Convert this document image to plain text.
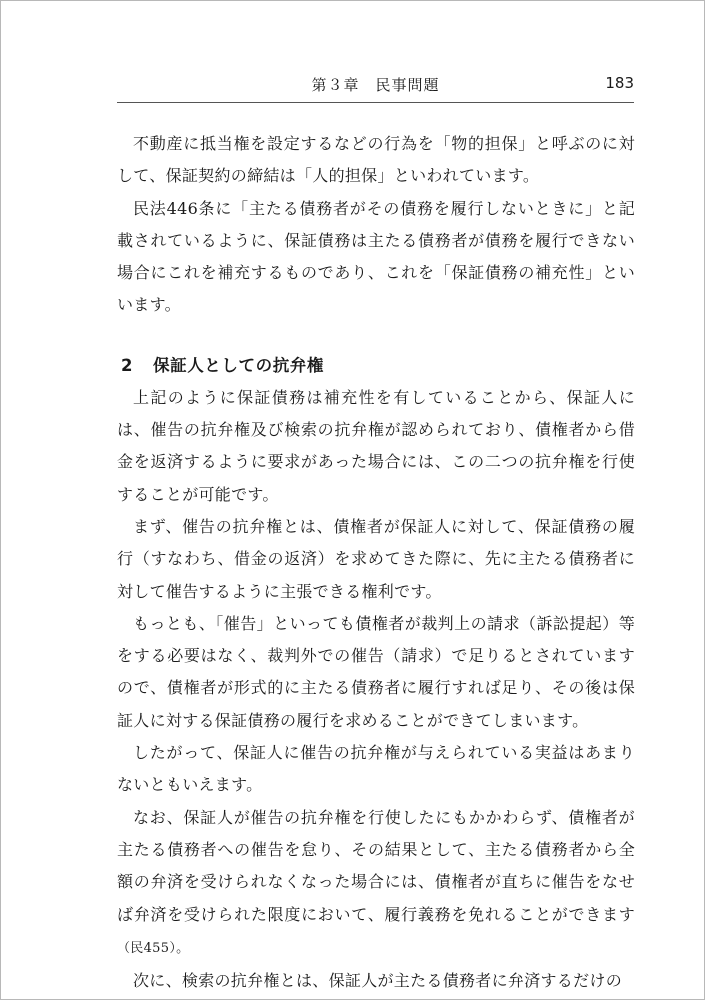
第３章　民事問題	183

不動産に抵当権を設定するなどの行為を「物的担保」と呼ぶのに対して、保証契約の締結は「人的担保」といわれています。

民法446条に「主たる債務者がその債務を履行しないときに」と記載されているように、保証債務は主たる債務者が債務を履行できない場合にこれを補充するものであり、これを「保証債務の補充性」といいます。

2 保証人としての抗弁権

上記のように保証債務は補充性を有していることから、保証人には、催告の抗弁権及び検索の抗弁権が認められており、債権者から借金を返済するように要求があった場合には、この二つの抗弁権を行使することが可能です。

まず、催告の抗弁権とは、債権者が保証人に対して、保証債務の履行（すなわち、借金の返済）を求めてきた際に、先に主たる債務者に対して催告するように主張できる権利です。

もっとも、「催告」といっても債権者が裁判上の請求（訴訟提起）等をする必要はなく、裁判外での催告（請求）で足りるとされていますので、債権者が形式的に主たる債務者に履行すれば足り、その後は保証人に対する保証債務の履行を求めることができてしまいます。

したがって、保証人に催告の抗弁権が与えられている実益はあまりないともいえます。

なお、保証人が催告の抗弁権を行使したにもかかわらず、債権者が主たる債務者への催告を怠り、その結果として、主たる債務者から全額の弁済を受けられなくなった場合には、債権者が直ちに催告をなせば弁済を受けられた限度において、履行義務を免れることができます（民455）。

次に、検索の抗弁権とは、保証人が主たる債務者に弁済するだけの
